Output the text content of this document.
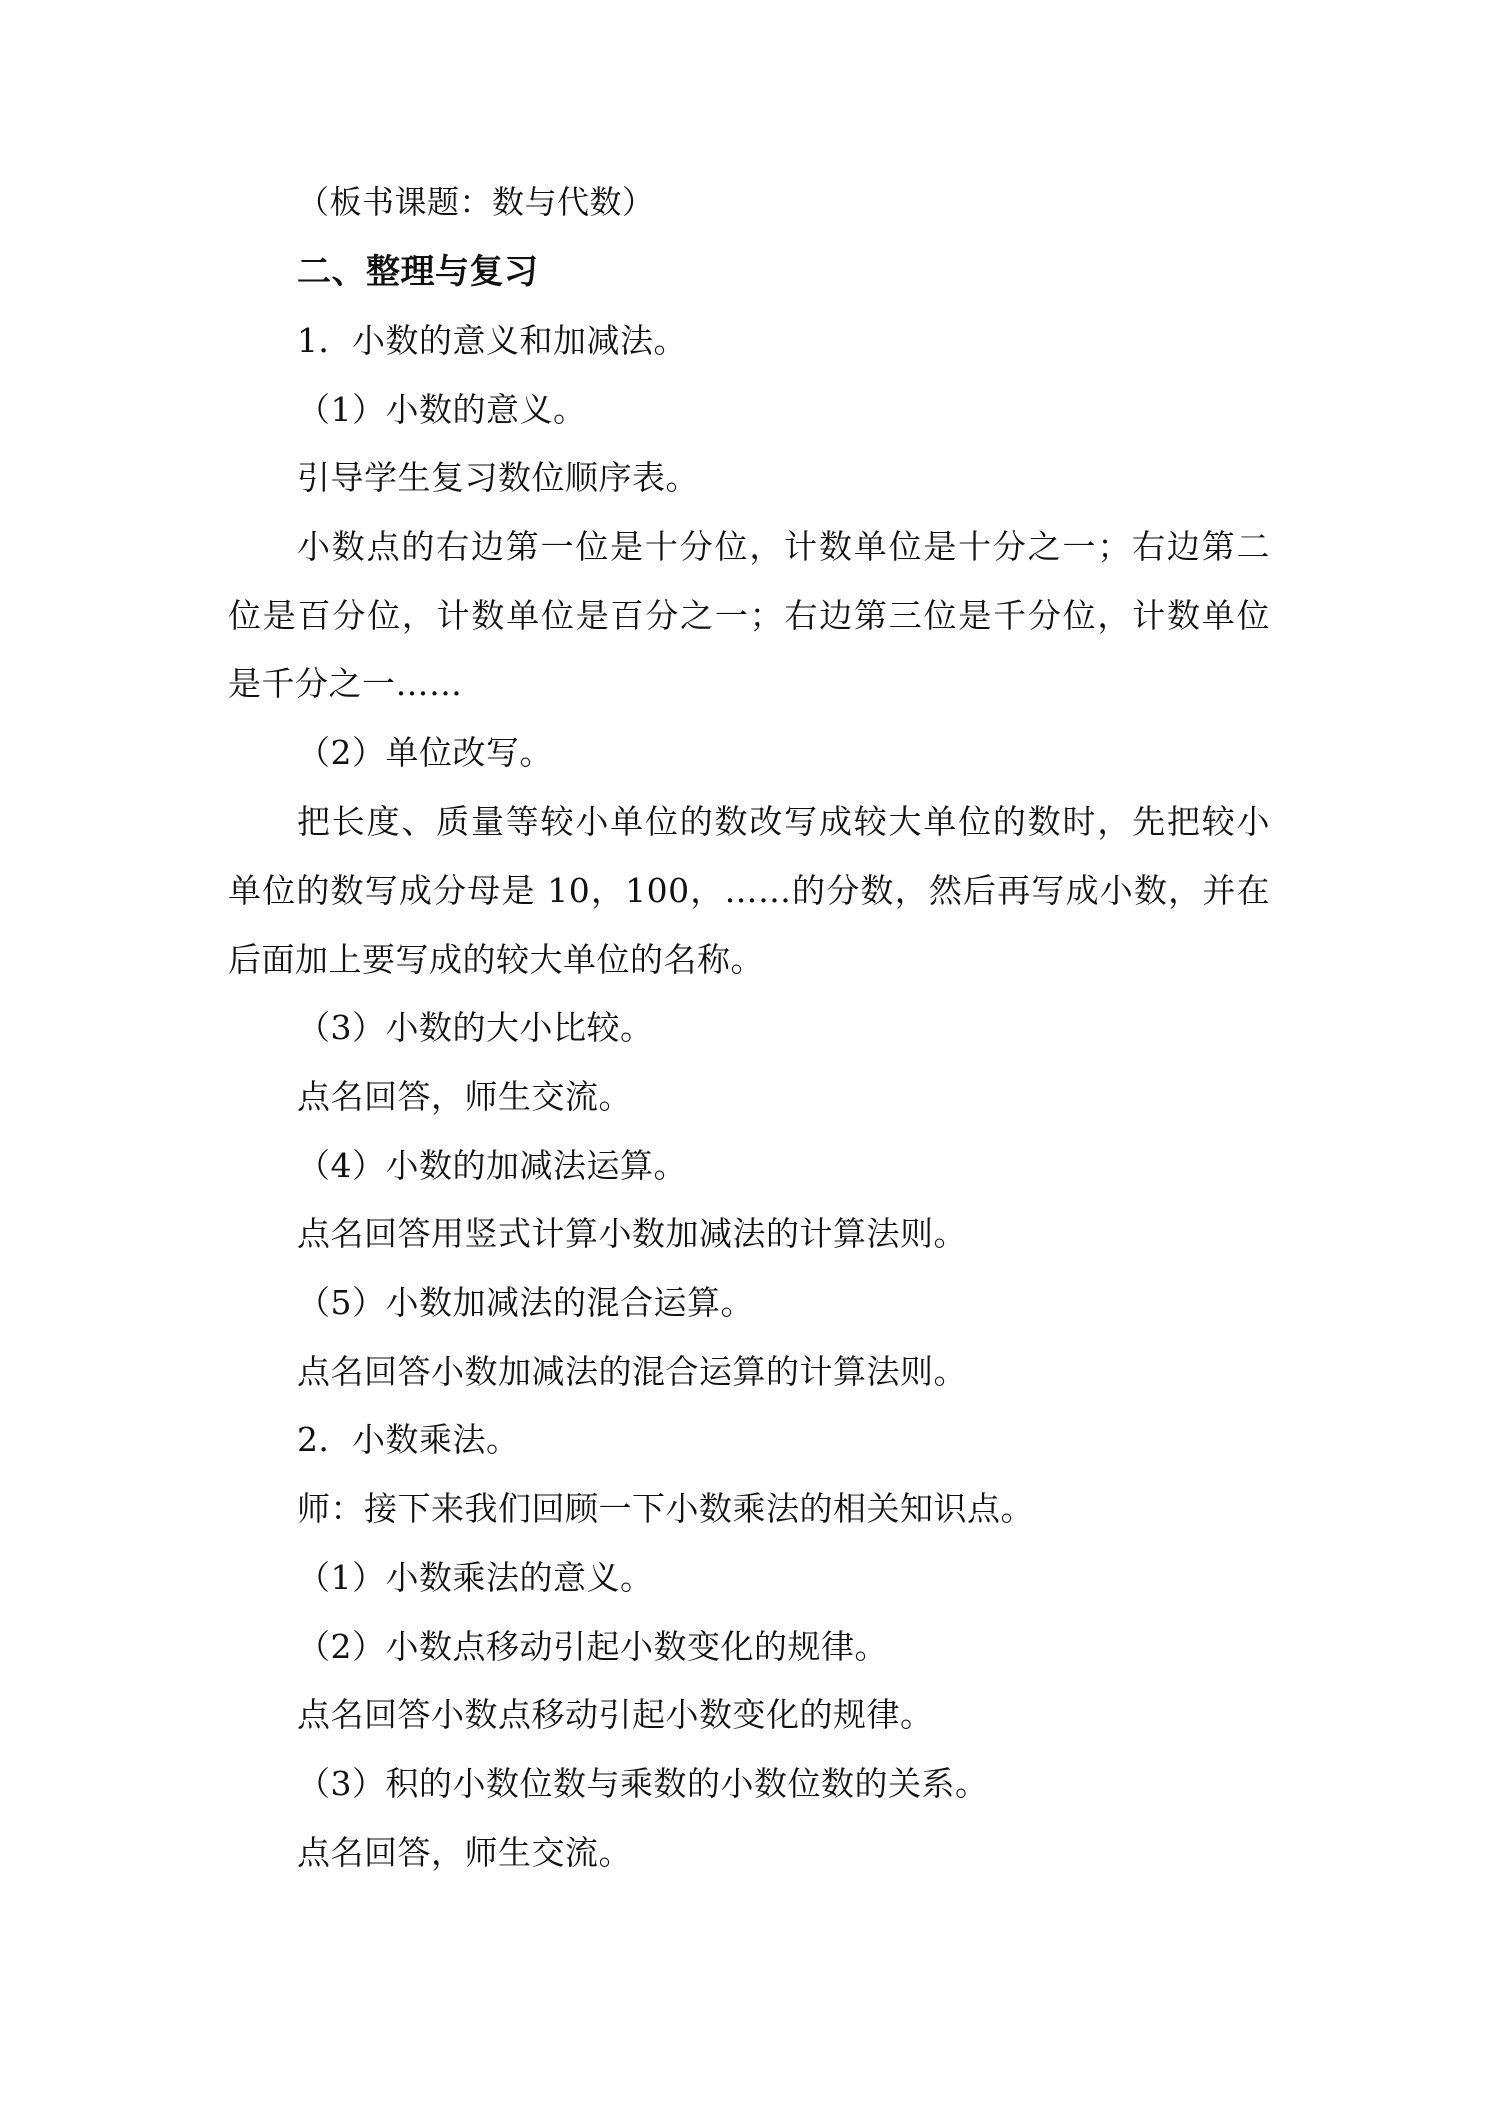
（板书课题：数与代数）
二、整理与复习
1．小数的意义和加减法。
（1）小数的意义。
引导学生复习数位顺序表。
小数点的右边第一位是十分位，计数单位是十分之一；右边第二
位是百分位，计数单位是百分之一；右边第三位是千分位，计数单位
是千分之一……
（2）单位改写。
把长度、质量等较小单位的数改写成较大单位的数时，先把较小
单位的数写成分母是 10，100，……的分数，然后再写成小数，并在
后面加上要写成的较大单位的名称。
（3）小数的大小比较。
点名回答，师生交流。
（4）小数的加减法运算。
点名回答用竖式计算小数加减法的计算法则。
（5）小数加减法的混合运算。
点名回答小数加减法的混合运算的计算法则。
2．小数乘法。
师：接下来我们回顾一下小数乘法的相关知识点。
（1）小数乘法的意义。
（2）小数点移动引起小数变化的规律。
点名回答小数点移动引起小数变化的规律。
（3）积的小数位数与乘数的小数位数的关系。
点名回答，师生交流。
